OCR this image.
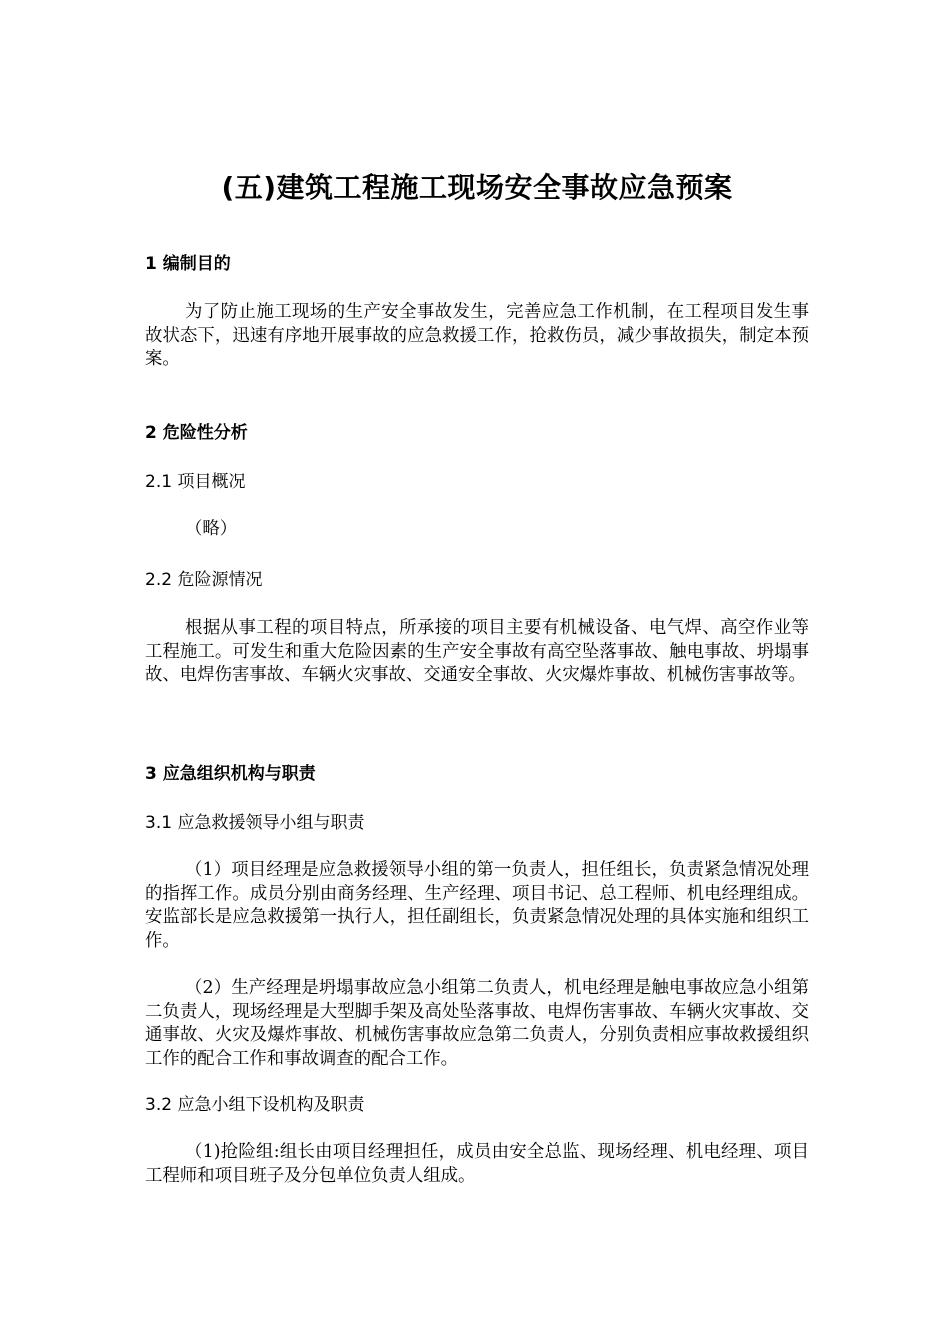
(五)建筑工程施工现场安全事故应急预案
1 编制目的
为了防止施工现场的生产安全事故发生，完善应急工作机制，在工程项目发生事故状态下，迅速有序地开展事故的应急救援工作，抢救伤员，减少事故损失，制定本预案。
2 危险性分析
2.1 项目概况
（略）
2.2 危险源情况
根据从事工程的项目特点，所承接的项目主要有机械设备、电气焊、高空作业等工程施工。可发生和重大危险因素的生产安全事故有高空坠落事故、触电事故、坍塌事故、电焊伤害事故、车辆火灾事故、交通安全事故、火灾爆炸事故、机械伤害事故等。
3 应急组织机构与职责
3.1 应急救援领导小组与职责
（1）项目经理是应急救援领导小组的第一负责人，担任组长，负责紧急情况处理的指挥工作。成员分别由商务经理、生产经理、项目书记、总工程师、机电经理组成。安监部长是应急救援第一执行人，担任副组长，负责紧急情况处理的具体实施和组织工作。
（2）生产经理是坍塌事故应急小组第二负责人，机电经理是触电事故应急小组第二负责人，现场经理是大型脚手架及高处坠落事故、电焊伤害事故、车辆火灾事故、交通事故、火灾及爆炸事故、机械伤害事故应急第二负责人，分别负责相应事故救援组织工作的配合工作和事故调查的配合工作。
3.2 应急小组下设机构及职责
（1)抢险组:组长由项目经理担任，成员由安全总监、现场经理、机电经理、项目工程师和项目班子及分包单位负责人组成。
